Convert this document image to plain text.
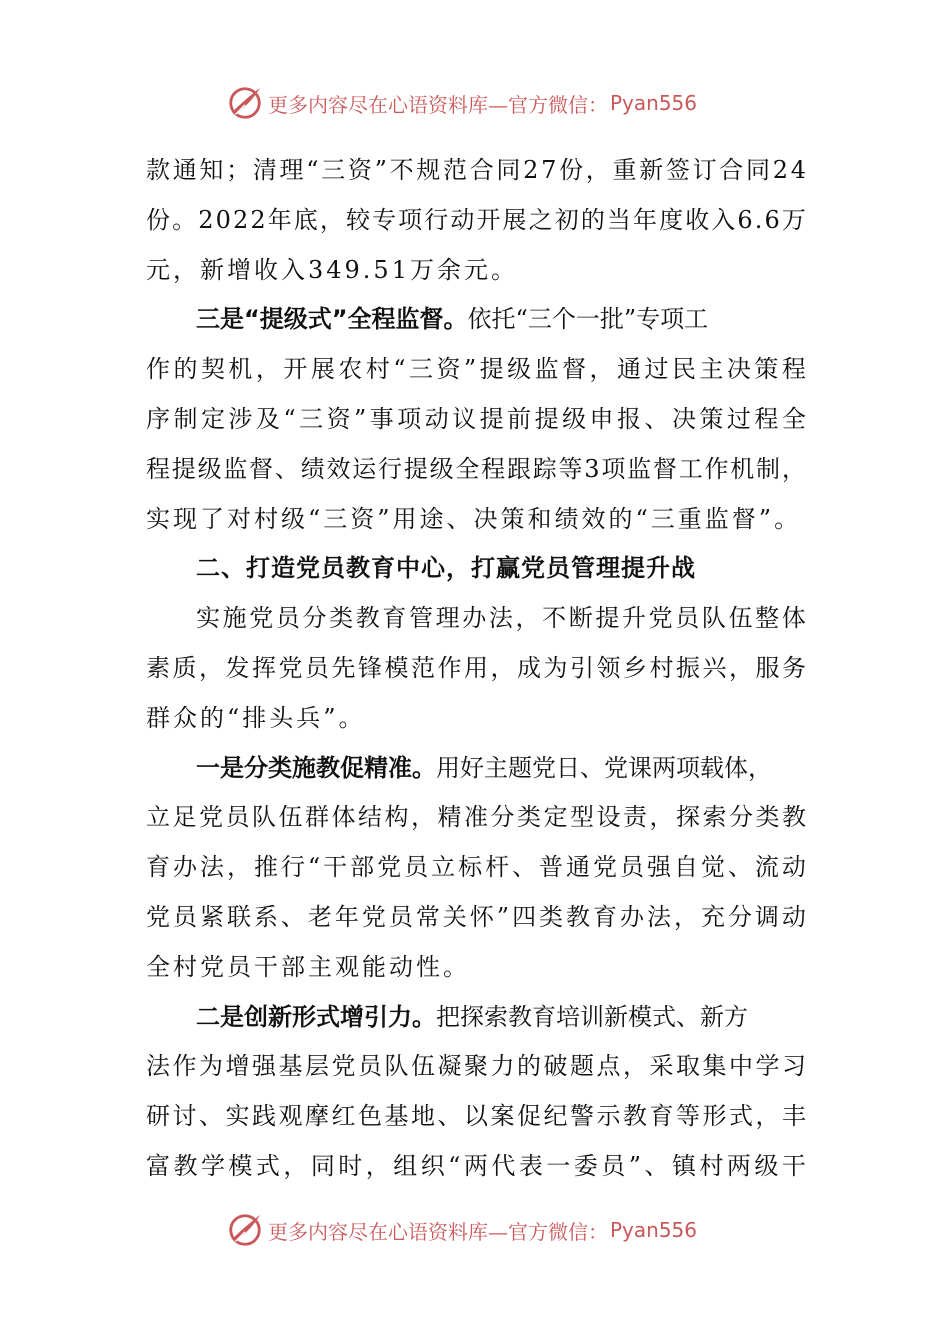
更多内容尽在心语资料库—官方微信： Pyan556
款 通 知 ； 清 理 “ 三 资 ” 不 规 范 合 同 2 7 份 ， 重 新 签 订 合 同 2 4
份 。 2 0 2 2 年 底 ， 较 专 项 行 动 开 展 之 初 的 当 年 度 收 入 6 . 6 万
元，新增收入349.51万余元。
三是“提级式”全程监督。依托“三个一批”专项工
作 的 契 机 ， 开 展 农 村 “ 三 资 ” 提 级 监 督 ， 通 过 民 主 决 策 程
序 制 定 涉 及 “ 三 资 ” 事 项 动 议 提 前 提 级 申 报 、 决 策 过 程 全
程 提 级 监 督 、 绩 效 运 行 提 级 全 程 跟 踪 等 3 项 监 督 工 作 机 制 ，
实现了对村级“三资”用途、决策和绩效的“三重监督”。
二、打造党员教育中心，打赢党员管理提升战
实 施 党 员 分 类 教 育 管 理 办 法 ， 不 断 提 升 党 员 队 伍 整 体
素 质 ， 发 挥 党 员 先 锋 模 范 作 用 ， 成 为 引 领 乡 村 振 兴 ， 服 务
群众的“排头兵”。
一是分类施教促精准。用好主题党日、党课两项载体，
立 足 党 员 队 伍 群 体 结 构 ， 精 准 分 类 定 型 设 责 ， 探 索 分 类 教
育 办 法 ， 推 行 “ 干 部 党 员 立 标 杆 、 普 通 党 员 强 自 觉 、 流 动
党 员 紧 联 系 、 老 年 党 员 常 关 怀 ” 四 类 教 育 办 法 ， 充 分 调 动
全村党员干部主观能动性。
二是创新形式增引力。把探索教育培训新模式、新方
法 作 为 增 强 基 层 党 员 队 伍 凝 聚 力 的 破 题 点 ， 采 取 集 中 学 习
研 讨 、 实 践 观 摩 红 色 基 地 、 以 案 促 纪 警 示 教 育 等 形 式 ， 丰
富 教 学 模 式 ， 同 时 ， 组 织 “ 两 代 表 一 委 员 ” 、 镇 村 两 级 干
更多内容尽在心语资料库—官方微信： Pyan556
